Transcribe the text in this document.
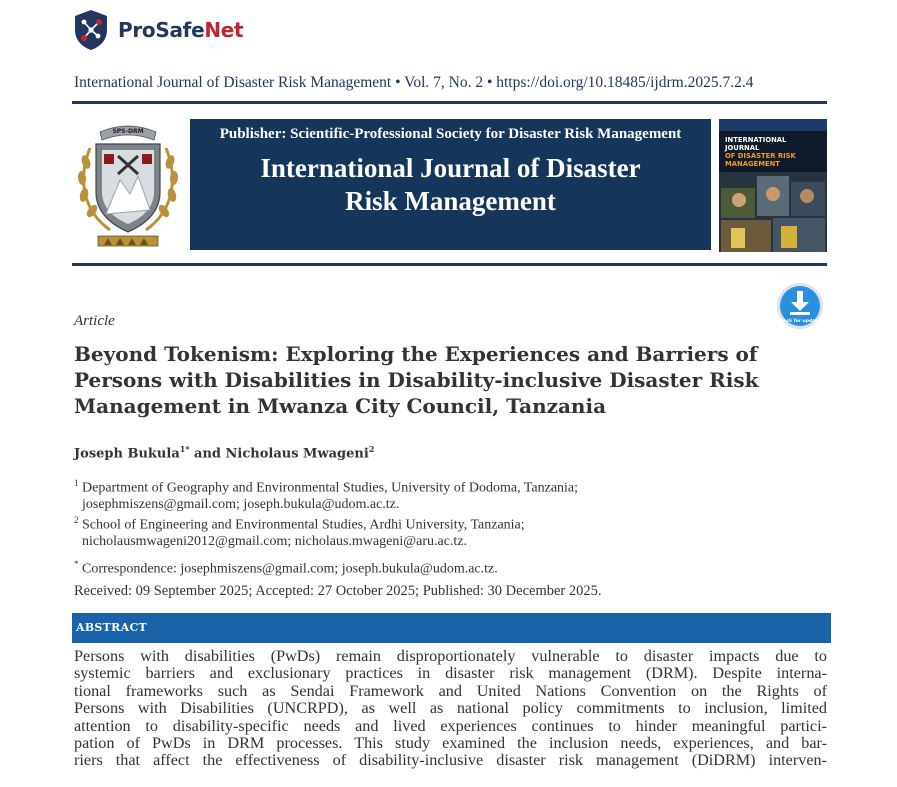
ProSafeNet
International Journal of Disaster Risk Management • Vol. 7, No. 2 • https://doi.org/10.18485/ijdrm.2025.7.2.4
SPS-DRM	Publisher: Scientific-Professional Society for Disaster Risk Management
International Journal of Disaster
Risk Management
INTERNATIONAL JOURNAL
OF DISASTER RISK
MANAGEMENT
Check for updates
Article
Beyond Tokenism: Exploring the Experiences and Barriers of Persons with Disabilities in Disability-inclusive Disaster Risk Management in Mwanza City Council, Tanzania
Joseph Bukula$^{1*}$ and Nicholaus Mwageni$^2$
$^1$ Department of Geography and Environmental Studies, University of Dodoma, Tanzania;
josephmiszens@gmail.com; joseph.bukula@udom.ac.tz.
$^2$ School of Engineering and Environmental Studies, Ardhi University, Tanzania;
nicholausmwageni2012@gmail.com; nicholaus.mwageni@aru.ac.tz.
* Correspondence: josephmiszens@gmail.com; joseph.bukula@udom.ac.tz.
Received: 09 September 2025; Accepted: 27 October 2025; Published: 30 December 2025.
ABSTRACT
Persons with disabilities (PwDs) remain disproportionately vulnerable to disaster impacts due to
systemic barriers and exclusionary practices in disaster risk management (DRM). Despite interna-
tional frameworks such as Sendai Framework and United Nations Convention on the Rights of
Persons with Disabilities (UNCRPD), as well as national policy commitments to inclusion, limited
attention to disability-specific needs and lived experiences continues to hinder meaningful partici-
pation of PwDs in DRM processes. This study examined the inclusion needs, experiences, and bar-
riers that affect the effectiveness of disability-inclusive disaster risk management (DiDRM) interven-
